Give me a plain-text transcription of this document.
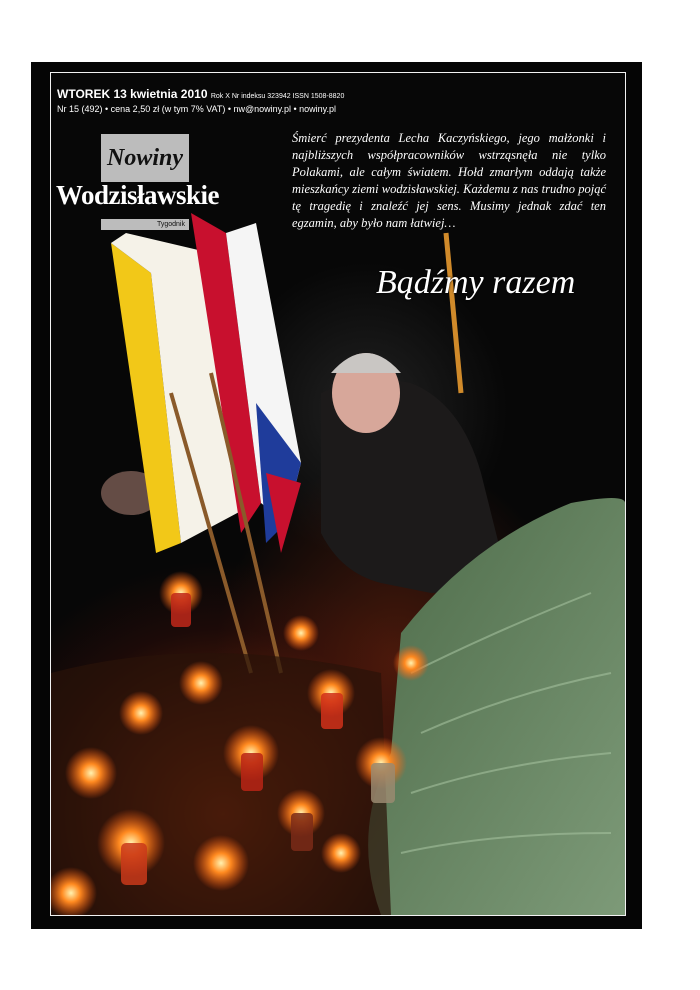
WTOREK 13 kwietnia 2010 Rok X Nr indeksu 323942 ISSN 1508-8820
Nr 15 (492) • cena 2,50 zł (w tym 7% VAT) • nw@nowiny.pl • nowiny.pl
Nowiny
Wodzisławskie
Tygodnik
Śmierć prezydenta Lecha Kaczyńskiego, jego małżonki i najbliższych współpracowników wstrząsnęła nie tylko Polakami, ale całym światem. Hołd zmarłym oddają także mieszkańcy ziemi wodzisławskiej. Każdemu z nas trudno pojąć tę tragedię i znaleźć jej sens. Musimy jednak zdać ten egzamin, aby było nam łatwiej…
Bądźmy razem
